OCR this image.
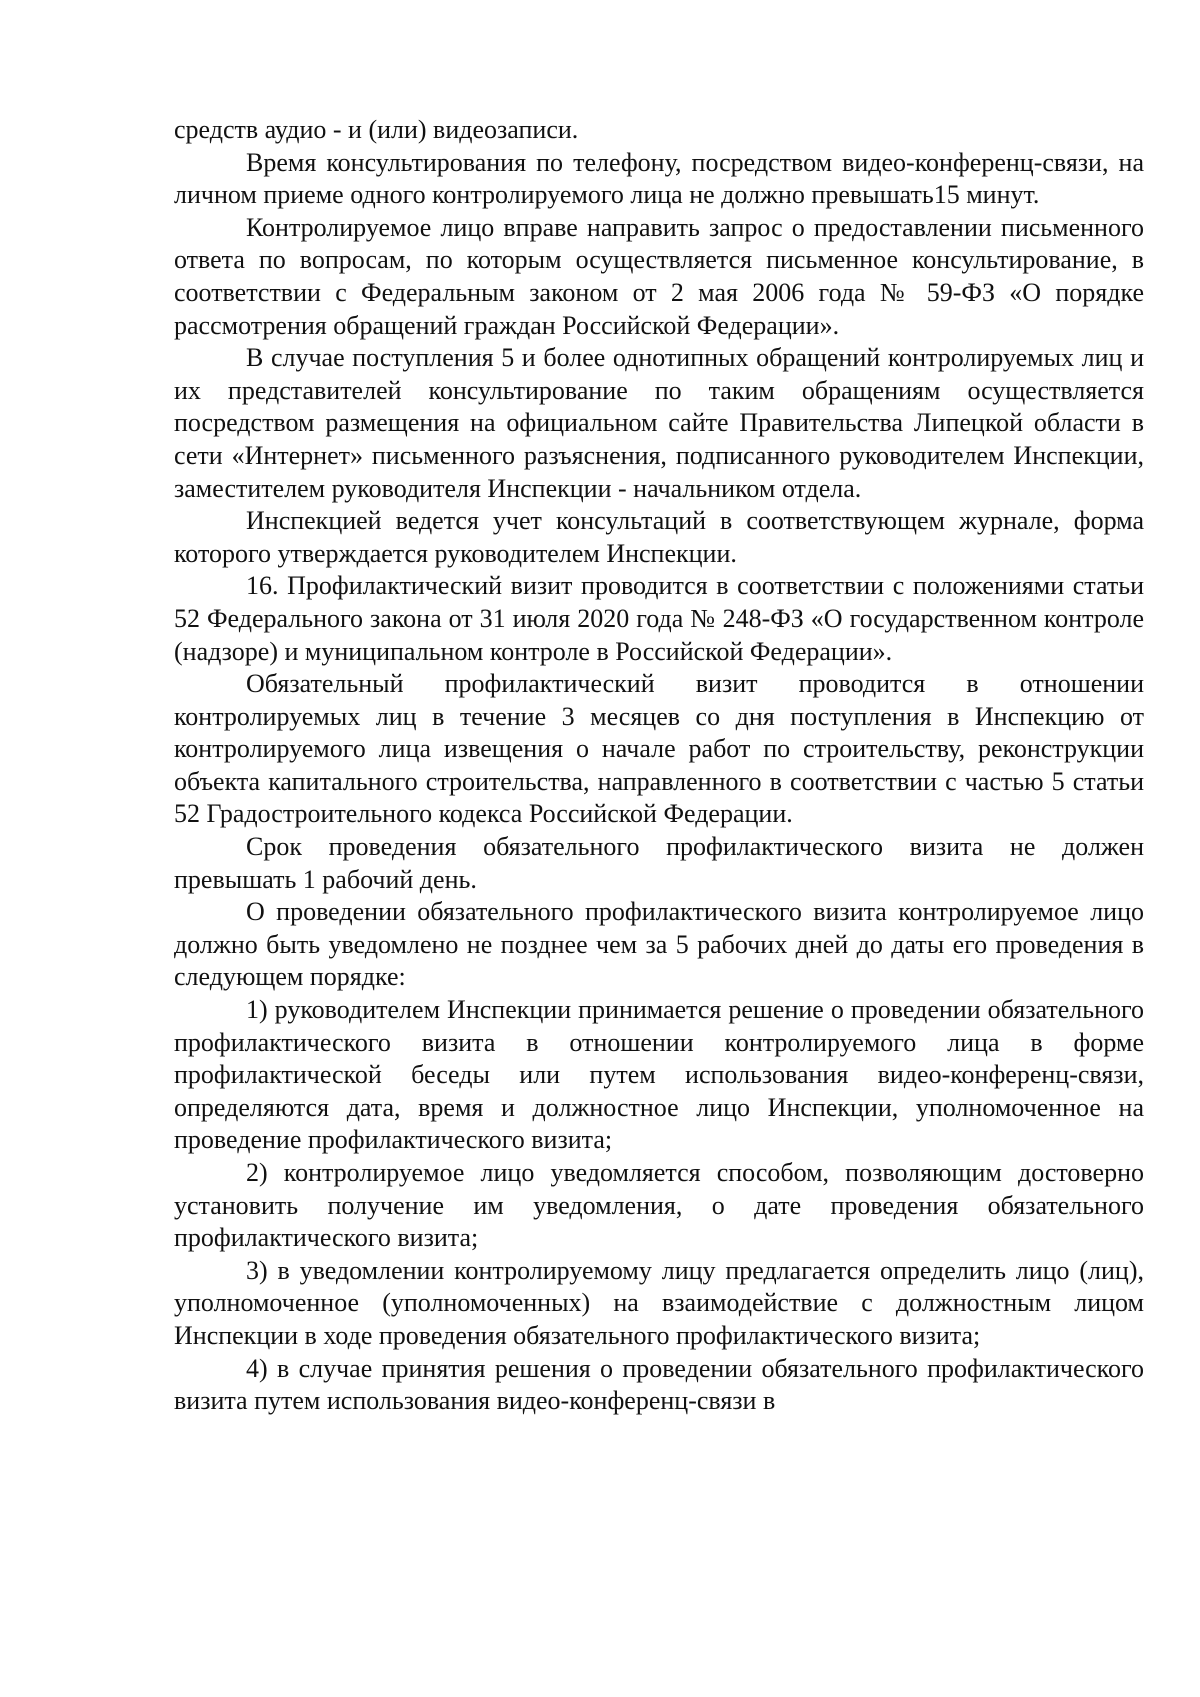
средств аудио - и (или) видеозаписи.

Время консультирования по телефону, посредством видео-конференц-связи, на личном приеме одного контролируемого лица не должно превышать15 минут.

Контролируемое лицо вправе направить запрос о предоставлении письменного ответа по вопросам, по которым осуществляется письменное консультирование, в соответствии с Федеральным законом от 2 мая 2006 года № 59-ФЗ «О порядке рассмотрения обращений граждан Российской Федерации».

В случае поступления 5 и более однотипных обращений контролируемых лиц и их представителей консультирование по таким обращениям осуществляется посредством размещения на официальном сайте Правительства Липецкой области в сети «Интернет» письменного разъяснения, подписанного руководителем Инспекции, заместителем руководителя Инспекции - начальником отдела.

Инспекцией ведется учет консультаций в соответствующем журнале, форма которого утверждается руководителем Инспекции.

16. Профилактический визит проводится в соответствии с положениями статьи 52 Федерального закона от 31 июля 2020 года № 248-ФЗ «О государственном контроле (надзоре) и муниципальном контроле в Российской Федерации».

Обязательный профилактический визит проводится в отношении контролируемых лиц в течение 3 месяцев со дня поступления в Инспекцию от контролируемого лица извещения о начале работ по строительству, реконструкции объекта капитального строительства, направленного в соответствии с частью 5 статьи 52 Градостроительного кодекса Российской Федерации.

Срок проведения обязательного профилактического визита не должен превышать 1 рабочий день.

О проведении обязательного профилактического визита контролируемое лицо должно быть уведомлено не позднее чем за 5 рабочих дней до даты его проведения в следующем порядке:

1) руководителем Инспекции принимается решение о проведении обязательного профилактического визита в отношении контролируемого лица в форме профилактической беседы или путем использования видео-конференц-связи, определяются дата, время и должностное лицо Инспекции, уполномоченное на проведение профилактического визита;

2) контролируемое лицо уведомляется способом, позволяющим достоверно установить получение им уведомления, о дате проведения обязательного профилактического визита;

3) в уведомлении контролируемому лицу предлагается определить лицо (лиц), уполномоченное (уполномоченных) на взаимодействие с должностным лицом Инспекции в ходе проведения обязательного профилактического визита;

4) в случае принятия решения о проведении обязательного профилактического визита путем использования видео-конференц-связи в
